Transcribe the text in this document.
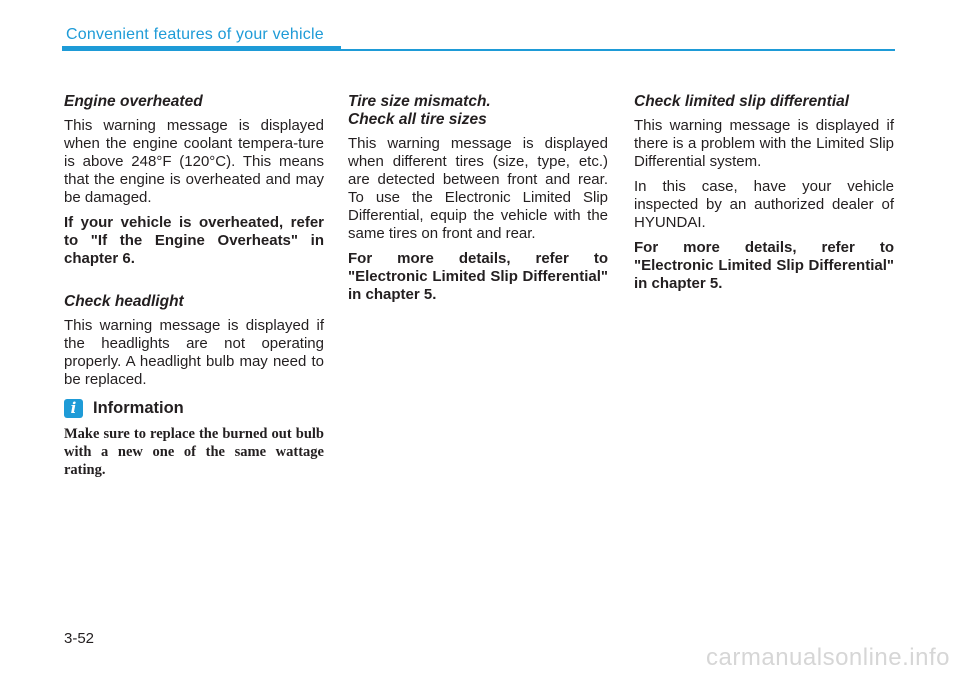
Convenient features of your vehicle
Engine overheated

This warning message is displayed when the engine coolant tempera-ture is above 248°F (120°C). This means that the engine is overheated and may be damaged.

If your vehicle is overheated, refer to "If the Engine Overheats" in chapter 6.

Check headlight

This warning message is displayed if the headlights are not operating properly. A headlight bulb may need to be replaced.

i	Information

Make sure to replace the burned out bulb with a new one of the same wattage rating.

Tire size mismatch.
Check all tire sizes

This warning message is displayed when different tires (size, type, etc.) are detected between front and rear. To use the Electronic Limited Slip Differential, equip the vehicle with the same tires on front and rear.

For more details, refer to "Electronic Limited Slip Differential" in chapter 5.

Check limited slip differential

This warning message is displayed if there is a problem with the Limited Slip Differential system.

In this case, have your vehicle inspected by an authorized dealer of HYUNDAI.

For more details, refer to "Electronic Limited Slip Differential" in chapter 5.

3-52
carmanualsonline.info
